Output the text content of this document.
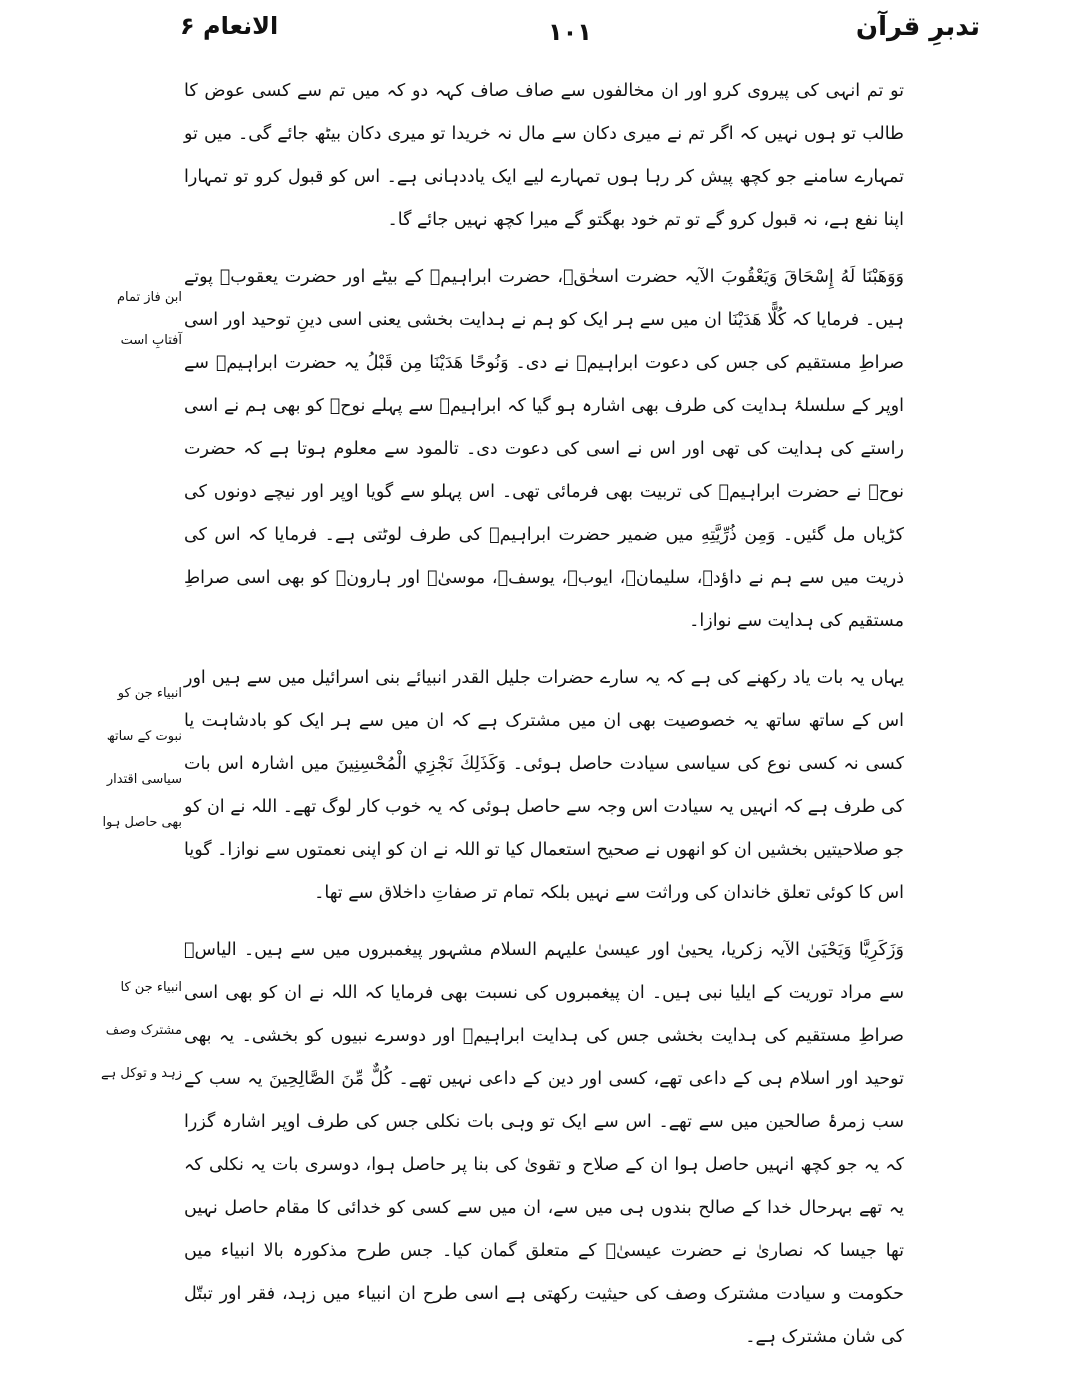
تدبرِ قرآن
١٠١
الانعام ۶

تو تم انہی کی پیروی کرو اور ان مخالفوں سے صاف صاف کہہ دو کہ میں تم سے کسی عوض کا طالب تو ہوں نہیں کہ اگر تم نے میری دکان سے مال نہ خریدا تو میری دکان بیٹھ جائے گی۔ میں تو تمہارے سامنے جو کچھ پیش کر رہا ہوں تمہارے لیے ایک یاددہانی ہے۔ اس کو قبول کرو تو تمہارا اپنا نفع ہے، نہ قبول کرو گے تو تم خود بھگتو گے میرا کچھ نہیں جائے گا۔

وَوَهَبْنَا لَهُ إِسْحَاقَ وَيَعْقُوبَ الآیہ حضرت اسحٰقؑ، حضرت ابراہیمؑ کے بیٹے اور حضرت یعقوبؑ پوتے ہیں۔ فرمایا کہ كُلًّا هَدَيْنَا ان میں سے ہر ایک کو ہم نے ہدایت بخشی یعنی اسی دینِ توحید اور اسی صراطِ مستقیم کی جس کی دعوت ابراہیمؑ نے دی۔ وَنُوحًا هَدَيْنَا مِن قَبْلُ یہ حضرت ابراہیمؑ سے اوپر کے سلسلۂ ہدایت کی طرف بھی اشارہ ہو گیا کہ ابراہیمؑ سے پہلے نوحؑ کو بھی ہم نے اسی راستے کی ہدایت کی تھی اور اس نے اسی کی دعوت دی۔ تالمود سے معلوم ہوتا ہے کہ حضرت نوحؑ نے حضرت ابراہیمؑ کی تربیت بھی فرمائی تھی۔ اس پہلو سے گویا اوپر اور نیچے دونوں کی کڑیاں مل گئیں۔ وَمِن ذُرِّيَّتِهِ میں ضمیر حضرت ابراہیمؑ کی طرف لوٹتی ہے۔ فرمایا کہ اس کی ذریت میں سے ہم نے داؤدؑ، سلیمانؑ، ایوبؑ، یوسفؑ، موسیٰؑ اور ہارونؑ کو بھی اسی صراطِ مستقیم کی ہدایت سے نوازا۔

یہاں یہ بات یاد رکھنے کی ہے کہ یہ سارے حضرات جلیل القدر انبیائے بنی اسرائیل میں سے ہیں اور اس کے ساتھ ساتھ یہ خصوصیت بھی ان میں مشترک ہے کہ ان میں سے ہر ایک کو بادشاہت یا کسی نہ کسی نوع کی سیاسی سیادت حاصل ہوئی۔ وَكَذَلِكَ نَجْزِي الْمُحْسِنِينَ میں اشارہ اس بات کی طرف ہے کہ انہیں یہ سیادت اس وجہ سے حاصل ہوئی کہ یہ خوب کار لوگ تھے۔ اللہ نے ان کو جو صلاحیتیں بخشیں ان کو انھوں نے صحیح استعمال کیا تو اللہ نے ان کو اپنی نعمتوں سے نوازا۔ گویا اس کا کوئی تعلق خاندان کی وراثت سے نہیں بلکہ تمام تر صفاتِ داخلاق سے تھا۔

وَزَكَرِيَّا وَيَحْيَىٰ الآیہ زکریا، یحییٰ اور عیسیٰ علیہم السلام مشہور پیغمبروں میں سے ہیں۔ الیاسؑ سے مراد توریت کے ایلیا نبی ہیں۔ ان پیغمبروں کی نسبت بھی فرمایا کہ اللہ نے ان کو بھی اسی صراطِ مستقیم کی ہدایت بخشی جس کی ہدایت ابراہیمؑ اور دوسرے نبیوں کو بخشی۔ یہ بھی توحید اور اسلام ہی کے داعی تھے، کسی اور دین کے داعی نہیں تھے۔ كُلٌّ مِّنَ الصَّالِحِينَ یہ سب کے سب زمرۂ صالحین میں سے تھے۔ اس سے ایک تو وہی بات نکلی جس کی طرف اوپر اشارہ گزرا کہ یہ جو کچھ انہیں حاصل ہوا ان کے صلاح و تقویٰ کی بنا پر حاصل ہوا، دوسری بات یہ نکلی کہ یہ تھے بہرحال خدا کے صالح بندوں ہی میں سے، ان میں سے کسی کو خدائی کا مقام حاصل نہیں تھا جیسا کہ نصاریٰ نے حضرت عیسیٰؑ کے متعلق گمان کیا۔ جس طرح مذکورہ بالا انبیاء میں حکومت و سیادت مشترک وصف کی حیثیت رکھتی ہے اسی طرح ان انبیاء میں زہد، فقر اور تبتّل کی شان مشترک ہے۔

ابن فاز تمام
آفتابِ است
انبیاء جن کو
نبوت کے ساتھ
سیاسی اقتدار
بھی حاصل ہوا
انبیاء جن کا
مشترک وصف
زہد و توکل ہے
